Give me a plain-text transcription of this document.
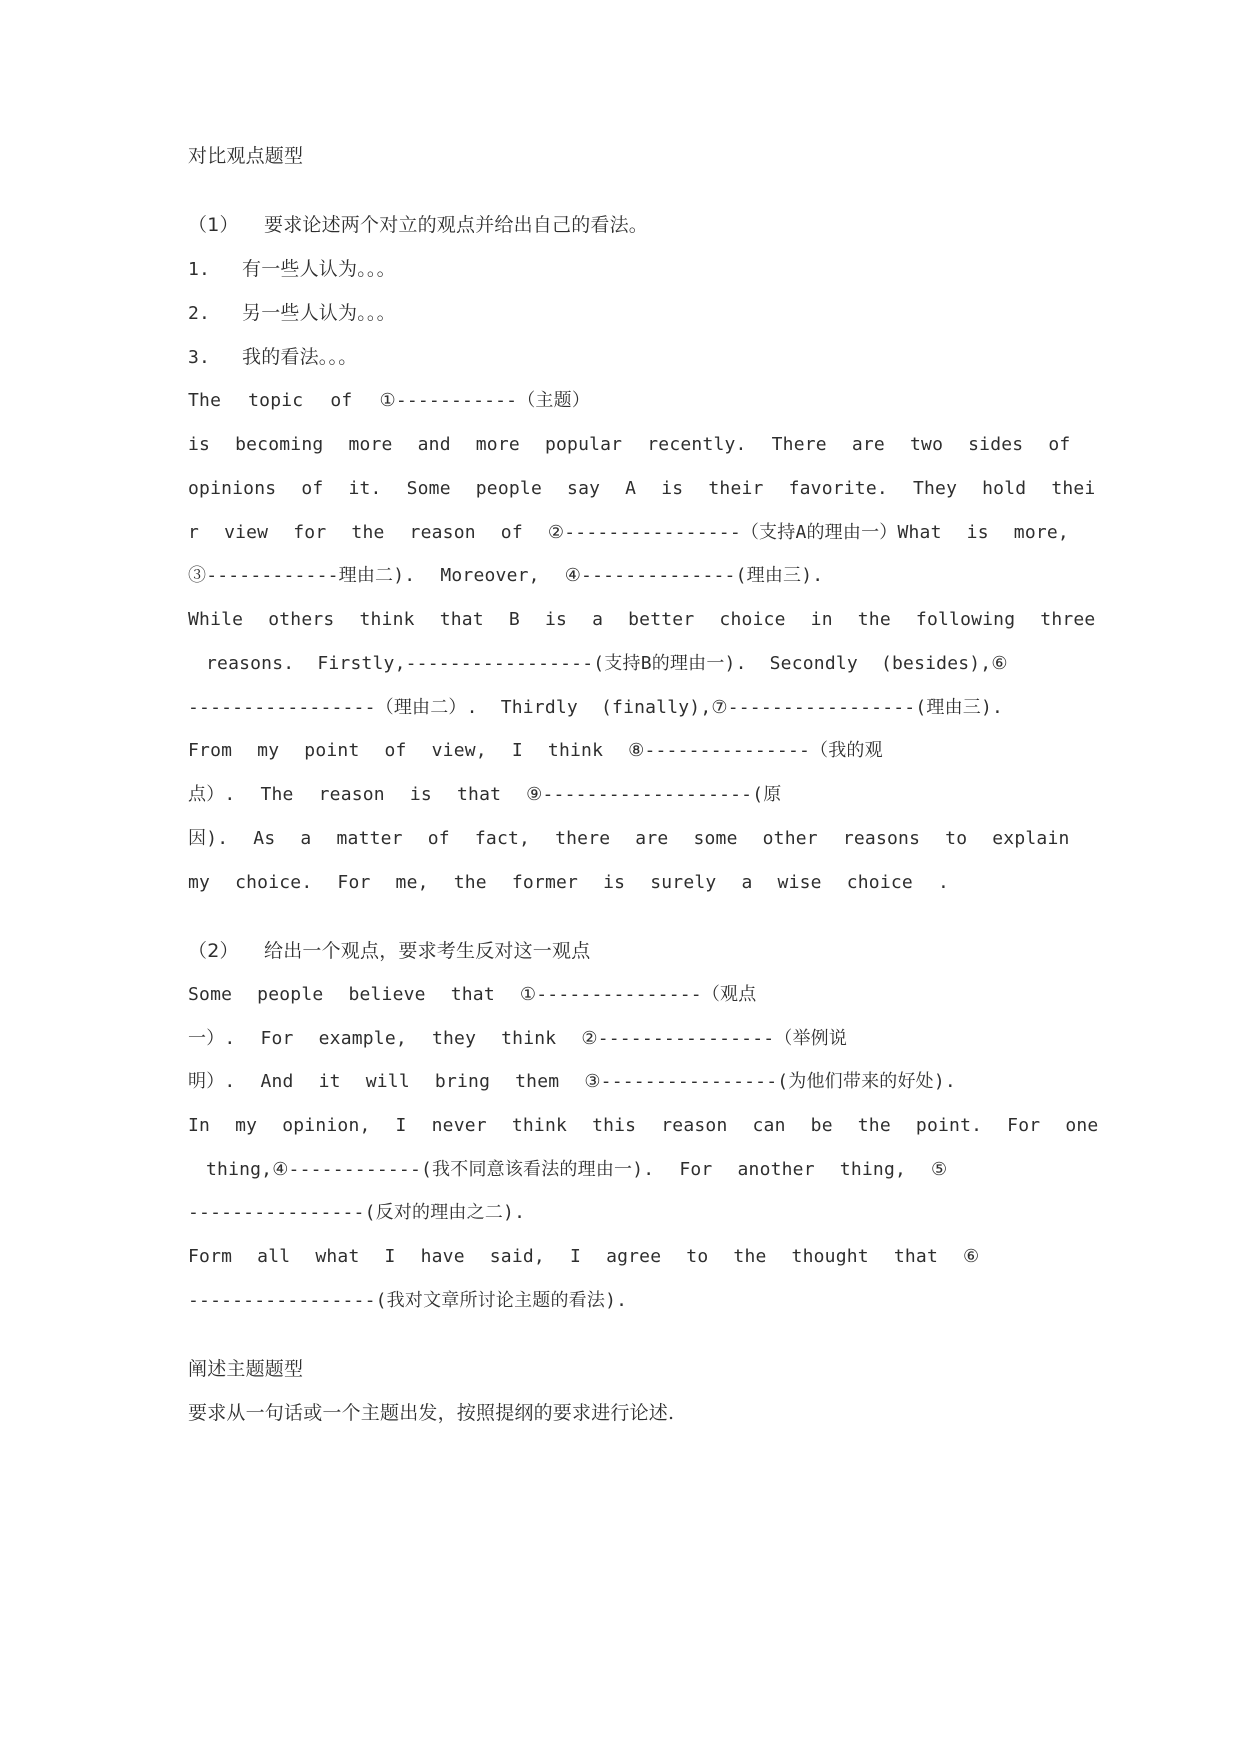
对比观点题型
（1） 要求论述两个对立的观点并给出自己的看法。
1. 有一些人认为。。。
2. 另一些人认为。。。
3. 我的看法。。。
The topic of ①-----------（主题）
is becoming more and more popular recently. There are two sides of
opinions of it. Some people say A is their favorite. They hold thei
r view for the reason of ②----------------（支持A的理由一）What is more,
③------------理由二). Moreover, ④--------------(理由三).
While others think that B is a better choice in the following three
reasons. Firstly,-----------------(支持B的理由一). Secondly (besides),⑥
-----------------（理由二）. Thirdly (finally),⑦-----------------(理由三).
From my point of view, I think ⑧---------------（我的观
点）. The reason is that ⑨-------------------(原
因). As a matter of fact, there are some other reasons to explain
my choice. For me, the former is surely a wise choice .
（2） 给出一个观点，要求考生反对这一观点
Some people believe that ①---------------（观点
一）. For example, they think ②----------------（举例说
明）. And it will bring them ③----------------(为他们带来的好处).
In my opinion, I never think this reason can be the point. For one
thing,④------------(我不同意该看法的理由一). For another thing, ⑤
----------------(反对的理由之二).
Form all what I have said, I agree to the thought that ⑥
-----------------(我对文章所讨论主题的看法).
阐述主题题型
要求从一句话或一个主题出发，按照提纲的要求进行论述.
